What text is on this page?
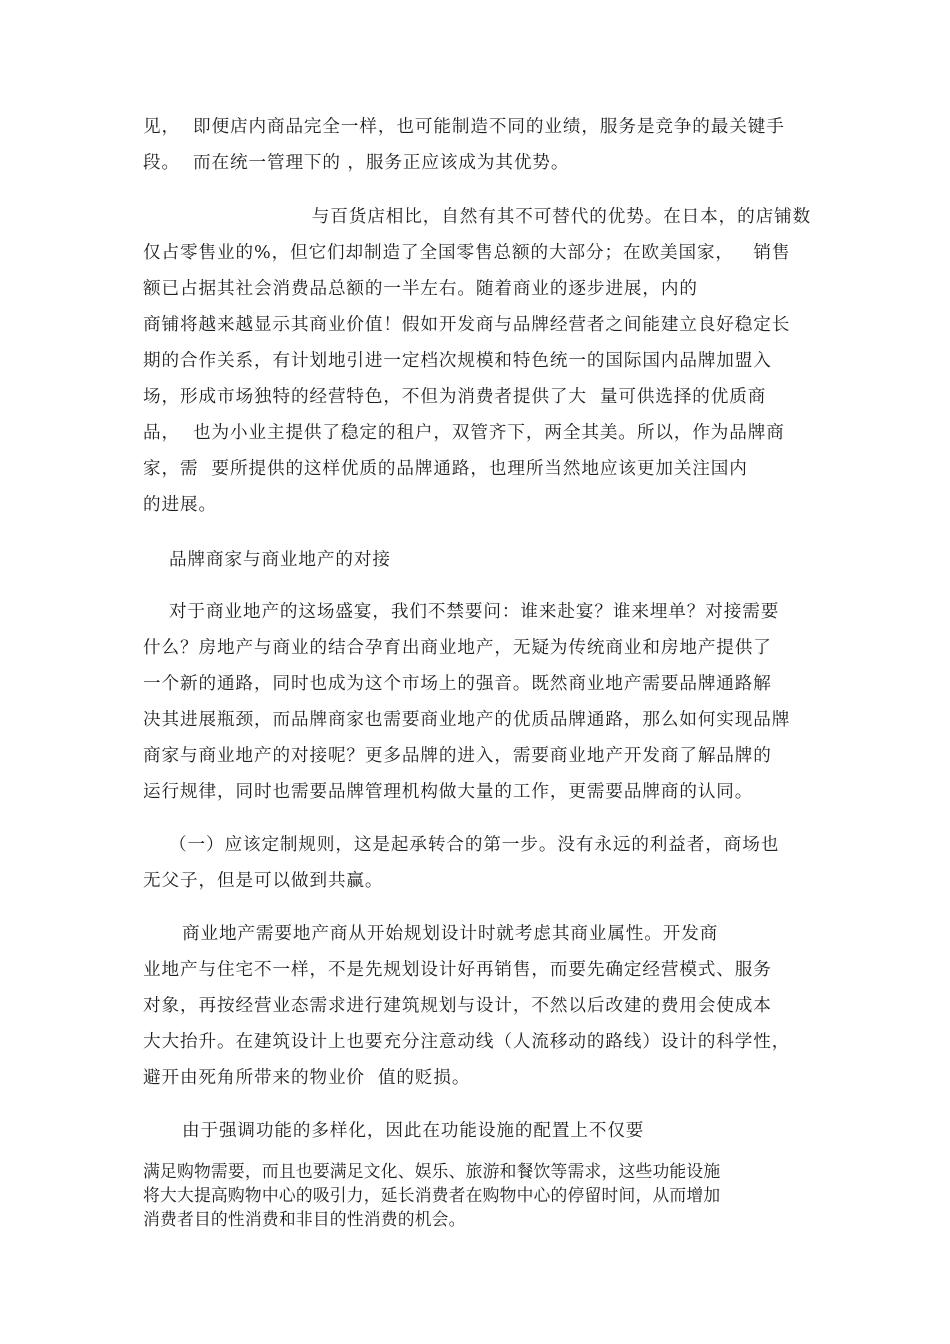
见，  即便店内商品完全一样，也可能制造不同的业绩，服务是竞争的最关键手
段。  而在统一管理下的 ，服务正应该成为其优势。
与百货店相比，自然有其不可替代的优势。在日本，的店铺数
仅占零售业的%，但它们却制造了全国零售总额的大部分；在欧美国家，   销售
额已占据其社会消费品总额的一半左右。随着商业的逐步进展，内的
商铺将越来越显示其商业价值！假如开发商与品牌经营者之间能建立良好稳定长
期的合作关系，有计划地引进一定档次规模和特色统一的国际国内品牌加盟入
场，形成市场独特的经营特色，不但为消费者提供了大  量可供选择的优质商
品，  也为小业主提供了稳定的租户，双管齐下，两全其美。所以，作为品牌商
家，需  要所提供的这样优质的品牌通路，也理所当然地应该更加关注国内
的进展。
品牌商家与商业地产的对接
对于商业地产的这场盛宴，我们不禁要问：谁来赴宴？谁来埋单？对接需要
什么？房地产与商业的结合孕育出商业地产，无疑为传统商业和房地产提供了
一个新的通路，同时也成为这个市场上的强音。既然商业地产需要品牌通路解
决其进展瓶颈，而品牌商家也需要商业地产的优质品牌通路，那么如何实现品牌
商家与商业地产的对接呢？更多品牌的进入，需要商业地产开发商了解品牌的
运行规律，同时也需要品牌管理机构做大量的工作，更需要品牌商的认同。
（一）应该定制规则，这是起承转合的第一步。没有永远的利益者，商场也
无父子，但是可以做到共赢。
商业地产需要地产商从开始规划设计时就考虑其商业属性。开发商
业地产与住宅不一样，不是先规划设计好再销售，而要先确定经营模式、服务
对象，再按经营业态需求进行建筑规划与设计，不然以后改建的费用会使成本
大大抬升。在建筑设计上也要充分注意动线（人流移动的路线）设计的科学性，
避开由死角所带来的物业价  值的贬损。
由于强调功能的多样化，因此在功能设施的配置上不仅要
满足购物需要，而且也要满足文化、娱乐、旅游和餐饮等需求，这些功能设施
将大大提高购物中心的吸引力，延长消费者在购物中心的停留时间，从而增加
消费者目的性消费和非目的性消费的机会。
